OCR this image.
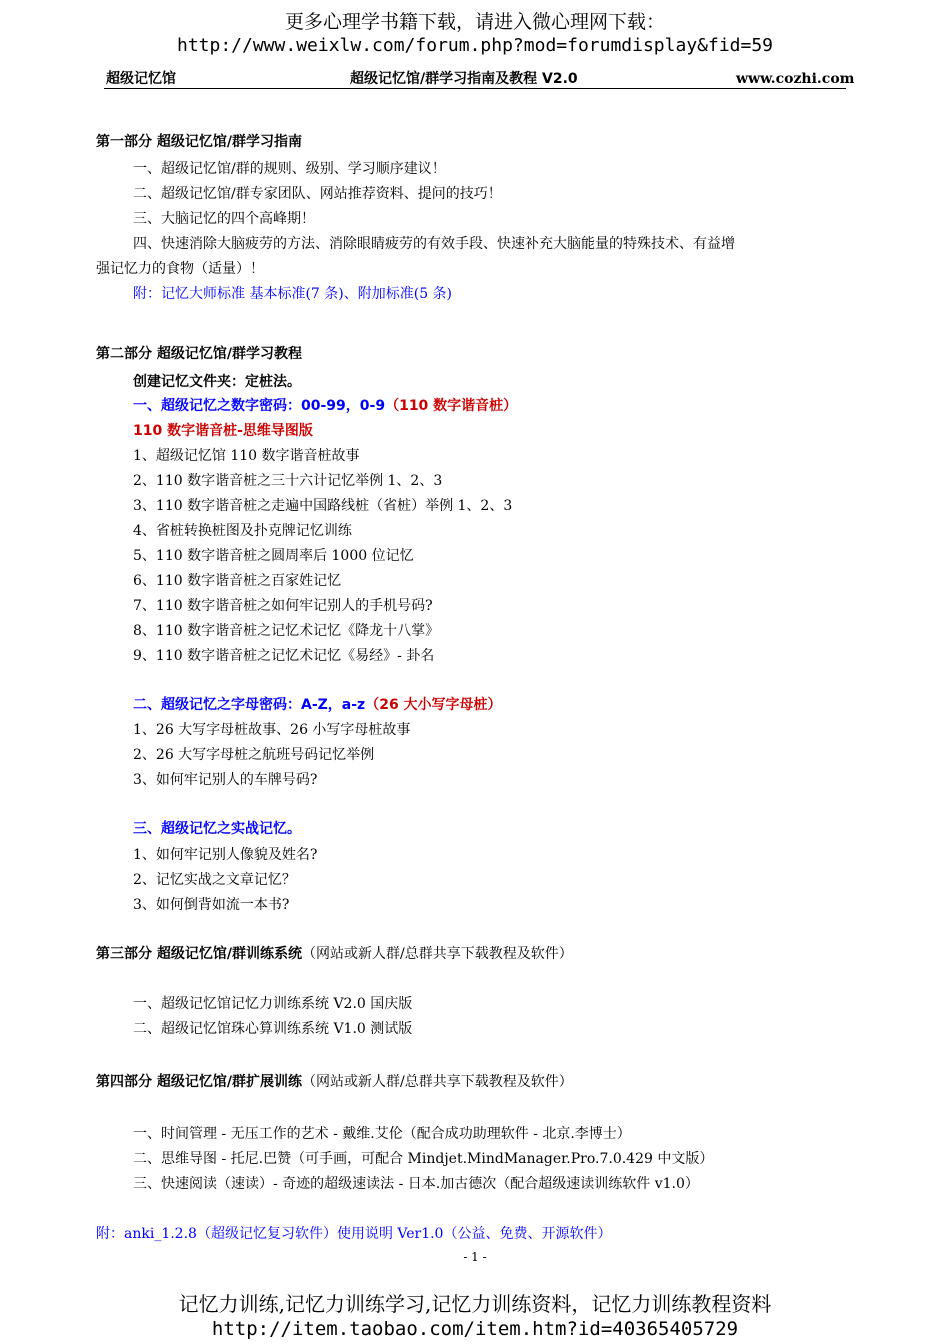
更多心理学书籍下载，请进入微心理网下载：
http://www.weixlw.com/forum.php?mod=forumdisplay&fid=59
超级记忆馆	超级记忆馆/群学习指南及教程 V2.0	www.cozhi.com
第一部分 超级记忆馆/群学习指南
一、超级记忆馆/群的规则、级别、学习顺序建议！
二、超级记忆馆/群专家团队、网站推荐资料、提问的技巧！
三、大脑记忆的四个高峰期！
四、快速消除大脑疲劳的方法、消除眼睛疲劳的有效手段、快速补充大脑能量的特殊技术、有益增
强记忆力的食物（适量）！
附：记忆大师标准 基本标准(7 条)、附加标准(5 条)
第二部分 超级记忆馆/群学习教程
创建记忆文件夹：定桩法。
一、超级记忆之数字密码：00-99，0-9（110 数字谐音桩）
110 数字谐音桩-思维导图版
1、超级记忆馆 110 数字谐音桩故事
2、110 数字谐音桩之三十六计记忆举例 1、2、3
3、110 数字谐音桩之走遍中国路线桩（省桩）举例 1、2、3
4、省桩转换桩图及扑克牌记忆训练
5、110 数字谐音桩之圆周率后 1000 位记忆
6、110 数字谐音桩之百家姓记忆
7、110 数字谐音桩之如何牢记别人的手机号码?
8、110 数字谐音桩之记忆术记忆《降龙十八掌》
9、110 数字谐音桩之记忆术记忆《易经》- 卦名
二、超级记忆之字母密码：A-Z，a-z（26 大小写字母桩）
1、26 大写字母桩故事、26 小写字母桩故事
2、26 大写字母桩之航班号码记忆举例
3、如何牢记别人的车牌号码?
三、超级记忆之实战记忆。
1、如何牢记别人像貌及姓名?
2、记忆实战之文章记忆？
3、如何倒背如流一本书?
第三部分 超级记忆馆/群训练系统（网站或新人群/总群共享下载教程及软件）
一、超级记忆馆记忆力训练系统 V2.0 国庆版
二、超级记忆馆珠心算训练系统 V1.0 测试版
第四部分 超级记忆馆/群扩展训练（网站或新人群/总群共享下载教程及软件）
一、时间管理 - 无压工作的艺术 - 戴维.艾伦（配合成功助理软件 - 北京.李博士）
二、思维导图 - 托尼.巴赞（可手画，可配合 Mindjet.MindManager.Pro.7.0.429 中文版）
三、快速阅读（速读）- 奇迹的超级速读法 - 日本.加古德次（配合超级速读训练软件 v1.0）
附：anki_1.2.8（超级记忆复习软件）使用说明 Ver1.0（公益、免费、开源软件）
- 1 -
记忆力训练,记忆力训练学习,记忆力训练资料，记忆力训练教程资料
http://item.taobao.com/item.htm?id=40365405729
